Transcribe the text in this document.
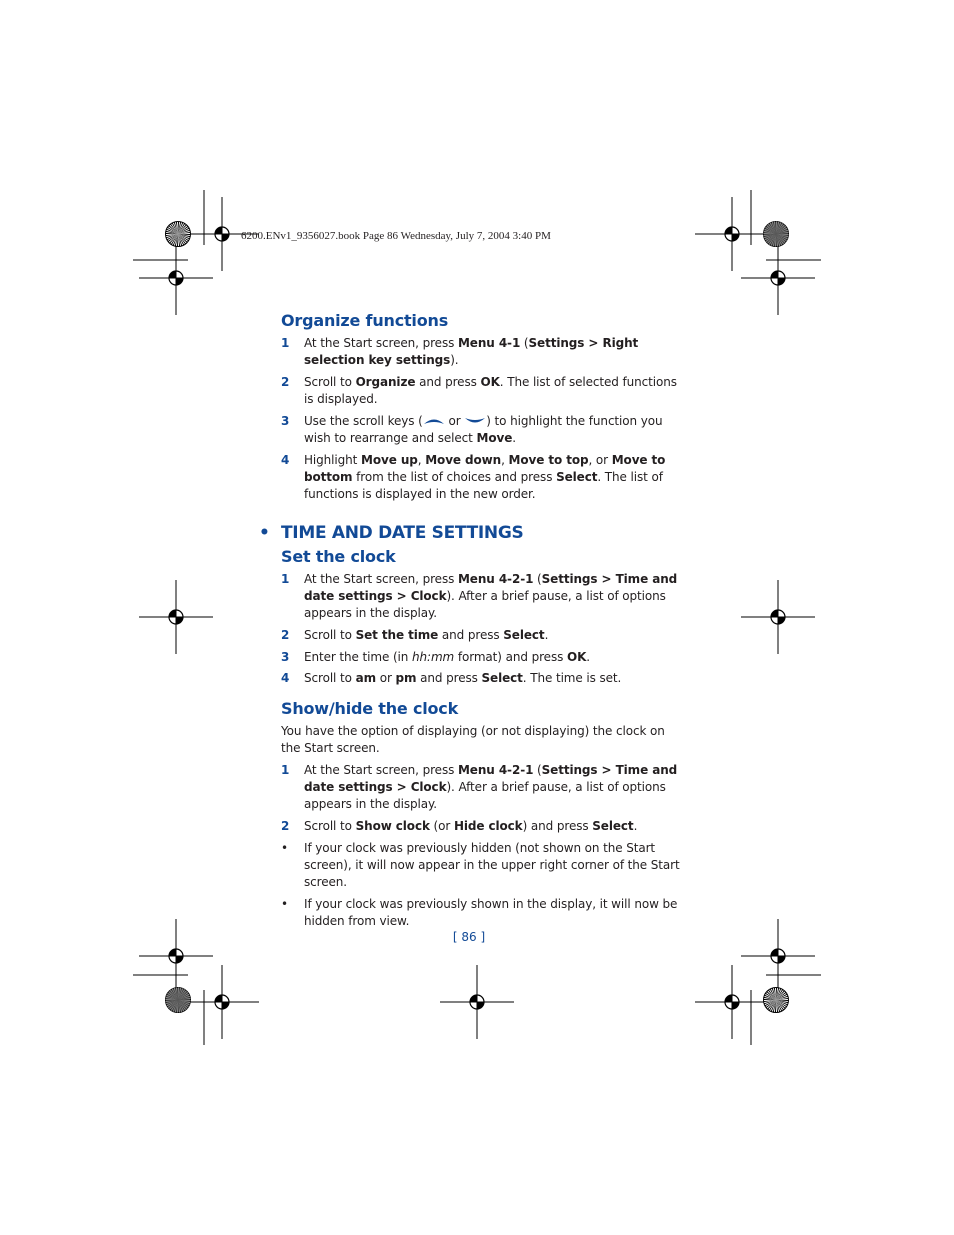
6200.ENv1_9356027.book Page 86 Wednesday, July 7, 2004 3:40 PM
Organize functions
1 At the Start screen, press Menu 4-1 (Settings > Right selection key settings).
2 Scroll to Organize and press OK. The list of selected functions is displayed.
3 Use the scroll keys ( or ) to highlight the function you wish to rearrange and select Move.
4 Highlight Move up, Move down, Move to top, or Move to bottom from the list of choices and press Select. The list of functions is displayed in the new order.
• TIME AND DATE SETTINGS
Set the clock
1 At the Start screen, press Menu 4-2-1 (Settings > Time and date settings > Clock). After a brief pause, a list of options appears in the display.
2 Scroll to Set the time and press Select.
3 Enter the time (in hh:mm format) and press OK.
4 Scroll to am or pm and press Select. The time is set.
Show/hide the clock
You have the option of displaying (or not displaying) the clock on the Start screen.
1 At the Start screen, press Menu 4-2-1 (Settings > Time and date settings > Clock). After a brief pause, a list of options appears in the display.
2 Scroll to Show clock (or Hide clock) and press Select.
• If your clock was previously hidden (not shown on the Start screen), it will now appear in the upper right corner of the Start screen.
• If your clock was previously shown in the display, it will now be hidden from view.
[ 86 ]
